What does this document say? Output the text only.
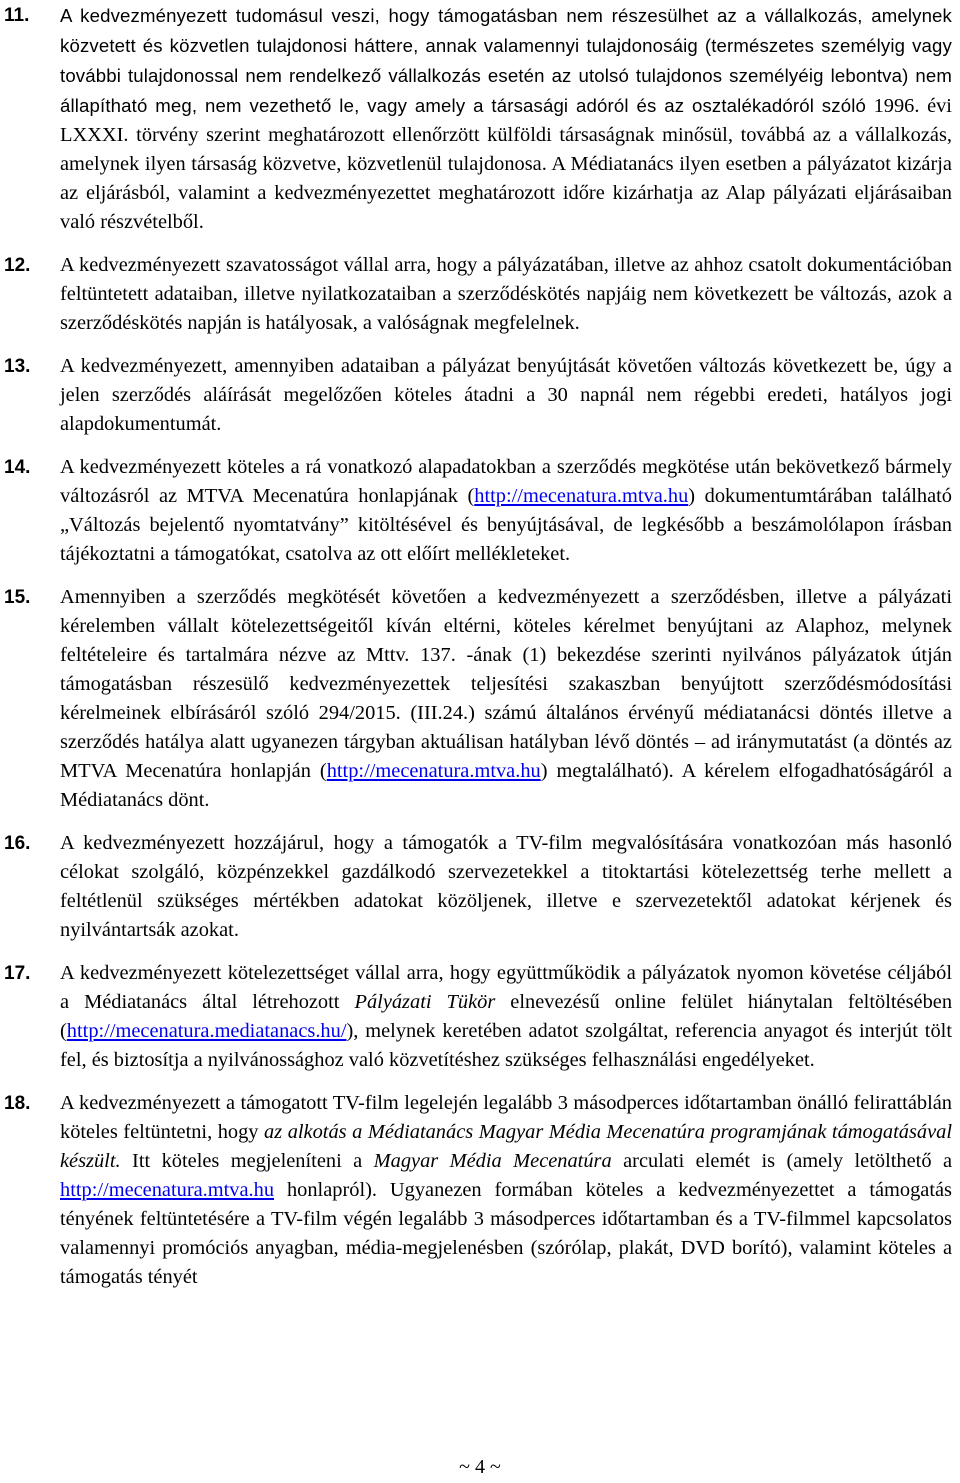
11.	A kedvezményezett tudomásul veszi, hogy támogatásban nem részesülhet az a vállalkozás, amelynek közvetett és közvetlen tulajdonosi háttere, annak valamennyi tulajdonosáig (természetes személyig vagy további tulajdonossal nem rendelkező vállalkozás esetén az utolsó tulajdonos személyéig lebontva) nem állapítható meg, nem vezethető le, vagy amely a társasági adóról és az osztalékadóról szóló 1996. évi LXXXI. törvény szerint meghatározott ellenőrzött külföldi társaságnak minősül, továbbá az a vállalkozás, amelynek ilyen társaság közvetve, közvetlenül tulajdonosa. A Médiatanács ilyen esetben a pályázatot kizárja az eljárásból, valamint a kedvezményezettet meghatározott időre kizárhatja az Alap pályázati eljárásaiban való részvételből.
12.	A kedvezményezett szavatosságot vállal arra, hogy a pályázatában, illetve az ahhoz csatolt dokumentációban feltüntetett adataiban, illetve nyilatkozataiban a szerződéskötés napjáig nem következett be változás, azok a szerződéskötés napján is hatályosak, a valóságnak megfelelnek.
13.	A kedvezményezett, amennyiben adataiban a pályázat benyújtását követően változás következett be, úgy a jelen szerződés aláírását megelőzően köteles átadni a 30 napnál nem régebbi eredeti, hatályos jogi alapdokumentumát.
14.	A kedvezményezett köteles a rá vonatkozó alapadatokban a szerződés megkötése után bekövetkező bármely változásról az MTVA Mecenatúra honlapjának (http://mecenatura.mtva.hu) dokumentumtárában található „Változás bejelentő nyomtatvány” kitöltésével és benyújtásával, de legkésőbb a beszámolólapon írásban tájékoztatni a támogatókat, csatolva az ott előírt mellékleteket.
15.	Amennyiben a szerződés megkötését követően a kedvezményezett a szerződésben, illetve a pályázati kérelemben vállalt kötelezettségeitől kíván eltérni, köteles kérelmet benyújtani az Alaphoz, melynek feltételeire és tartalmára nézve az Mttv. 137. -ának (1) bekezdése szerinti nyilvános pályázatok útján támogatásban részesülő kedvezményezettek teljesítési szakaszban benyújtott szerződésmódosítási kérelmeinek elbírásáról szóló 294/2015. (III.24.) számú általános érvényű médiatanácsi döntés illetve a szerződés hatálya alatt ugyanezen tárgyban aktuálisan hatályban lévő döntés – ad iránymutatást (a döntés az MTVA Mecenatúra honlapján (http://mecenatura.mtva.hu) megtalálható). A kérelem elfogadhatóságáról a Médiatanács dönt.
16.	A kedvezményezett hozzájárul, hogy a támogatók a TV-film megvalósítására vonatkozóan más hasonló célokat szolgáló, közpénzekkel gazdálkodó szervezetekkel a titoktartási kötelezettség terhe mellett a feltétlenül szükséges mértékben adatokat közöljenek, illetve e szervezetektől adatokat kérjenek és nyilvántartsák azokat.
17.	A kedvezményezett kötelezettséget vállal arra, hogy együttműködik a pályázatok nyomon követése céljából a Médiatanács által létrehozott Pályázati Tükör elnevezésű online felület hiánytalan feltöltésében (http://mecenatura.mediatanacs.hu/), melynek keretében adatot szolgáltat, referencia anyagot és interjút tölt fel, és biztosítja a nyilvánossághoz való közvetítéshez szükséges felhasználási engedélyeket.
18.	A kedvezményezett a támogatott TV-film legelején legalább 3 másodperces időtartamban önálló felirattáblán köteles feltüntetni, hogy az alkotás a Médiatanács Magyar Média Mecenatúra programjának támogatásával készült. Itt köteles megjeleníteni a Magyar Média Mecenatúra arculati elemét is (amely letölthető a http://mecenatura.mtva.hu honlapról). Ugyanezen formában köteles a kedvezményezettet a támogatás tényének feltüntetésére a TV-film végén legalább 3 másodperces időtartamban és a TV-filmmel kapcsolatos valamennyi promóciós anyagban, média-megjelenésben (szórólap, plakát, DVD borító), valamint köteles a támogatás tényét
~ 4 ~
